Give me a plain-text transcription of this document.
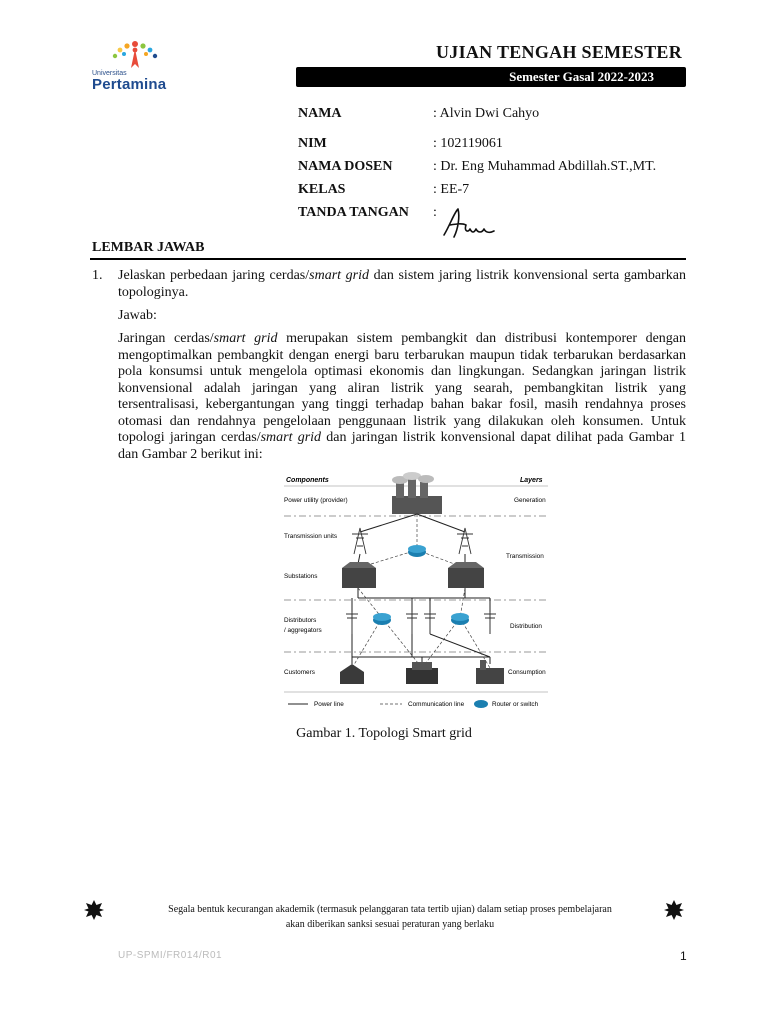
Universitas
Pertamina
UJIAN TENGAH SEMESTER
Semester Gasal 2022-2023
NAMA	: Alvin Dwi Cahyo
NIM	: 102119061
NAMA DOSEN	: Dr. Eng Muhammad Abdillah.ST.,MT.
KELAS	: EE-7
TANDA TANGAN :
LEMBAR JAWAB
1. Jelaskan perbedaan jaring cerdas/smart grid dan sistem jaring listrik konvensional serta gambarkan topologinya.
Jawab:
Jaringan cerdas/smart grid merupakan sistem pembangkit dan distribusi kontemporer dengan mengoptimalkan pembangkit dengan energi baru terbarukan maupun tidak terbarukan berdasarkan pola konsumsi untuk mengelola optimasi ekonomis dan lingkungan. Sedangkan jaringan listrik konvensional adalah jaringan yang aliran listrik yang searah, pembangkitan listrik yang tersentralisasi, kebergantungan yang tinggi terhadap bahan bakar fosil, masih rendahnya proses otomasi dan rendahnya pengelolaan penggunaan listrik yang dilakukan oleh konsumen. Untuk topologi jaringan cerdas/smart grid dan jaringan listrik konvensional dapat dilihat pada Gambar 1 dan Gambar 2 berikut ini:
Components	Layers
Power utility (provider)
Transmission units
Substations
Distributors
/ aggregators
Customers
Generation
Transmission
Distribution
Consumption
Power line	Communication line	Router or switch
Gambar 1. Topologi Smart grid
Segala bentuk kecurangan akademik (termasuk pelanggaran tata tertib ujian) dalam setiap proses pembelajaran
akan diberikan sanksi sesuai peraturan yang berlaku
UP-SPMI/FR014/R01	1
